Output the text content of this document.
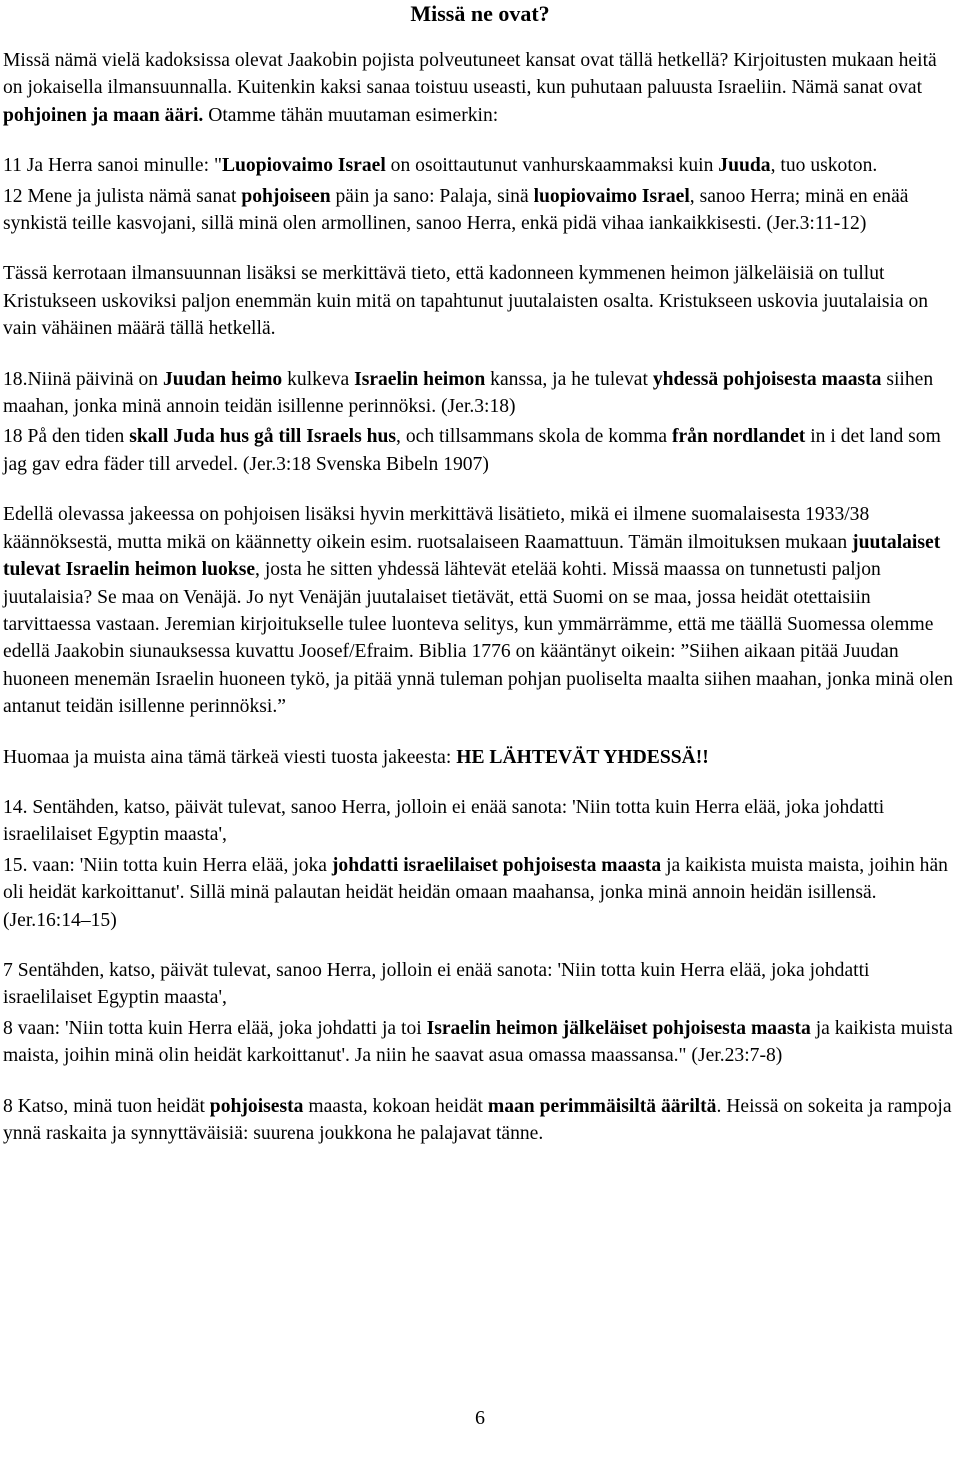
Missä ne ovat?

Missä nämä vielä kadoksissa olevat Jaakobin pojista polveutuneet kansat ovat tällä hetkellä? Kirjoitusten mukaan heitä on jokaisella ilmansuunnalla. Kuitenkin kaksi sanaa toistuu useasti, kun puhutaan paluusta Israeliin. Nämä sanat ovat pohjoinen ja maan ääri. Otamme tähän muutaman esimerkin:

11 Ja Herra sanoi minulle: "Luopiovaimo Israel on osoittautunut vanhurskaammaksi kuin Juuda, tuo uskoton.

12 Mene ja julista nämä sanat pohjoiseen päin ja sano: Palaja, sinä luopiovaimo Israel, sanoo Herra; minä en enää synkistä teille kasvojani, sillä minä olen armollinen, sanoo Herra, enkä pidä vihaa iankaikkisesti. (Jer.3:11-12)

Tässä kerrotaan ilmansuunnan lisäksi se merkittävä tieto, että kadonneen kymmenen heimon jälkeläisiä on tullut Kristukseen uskoviksi paljon enemmän kuin mitä on tapahtunut juutalaisten osalta. Kristukseen uskovia juutalaisia on vain vähäinen määrä tällä hetkellä.

18.Niinä päivinä on Juudan heimo kulkeva Israelin heimon kanssa, ja he tulevat yhdessä pohjoisesta maasta siihen maahan, jonka minä annoin teidän isillenne perinnöksi. (Jer.3:18)

18 På den tiden skall Juda hus gå till Israels hus, och tillsammans skola de komma från nordlandet in i det land som jag gav edra fäder till arvedel. (Jer.3:18 Svenska Bibeln 1907)

Edellä olevassa jakeessa on pohjoisen lisäksi hyvin merkittävä lisätieto, mikä ei ilmene suomalaisesta 1933/38 käännöksestä, mutta mikä on käännetty oikein esim. ruotsalaiseen Raamattuun. Tämän ilmoituksen mukaan juutalaiset tulevat Israelin heimon luokse, josta he sitten yhdessä lähtevät etelää kohti. Missä maassa on tunnetusti paljon juutalaisia? Se maa on Venäjä. Jo nyt Venäjän juutalaiset tietävät, että Suomi on se maa, jossa heidät otettaisiin tarvittaessa vastaan. Jeremian kirjoitukselle tulee luonteva selitys, kun ymmärrämme, että me täällä Suomessa olemme edellä Jaakobin siunauksessa kuvattu Joosef/Efraim. Biblia 1776 on kääntänyt oikein: ”Siihen aikaan pitää Juudan huoneen menemän Israelin huoneen tykö, ja pitää ynnä tuleman pohjan puoliselta maalta siihen maahan, jonka minä olen antanut teidän isillenne perinnöksi.”

Huomaa ja muista aina tämä tärkeä viesti tuosta jakeesta: HE LÄHTEVÄT YHDESSÄ!!

14. Sentähden, katso, päivät tulevat, sanoo Herra, jolloin ei enää sanota: 'Niin totta kuin Herra elää, joka johdatti israelilaiset Egyptin maasta',

15. vaan: 'Niin totta kuin Herra elää, joka johdatti israelilaiset pohjoisesta maasta ja kaikista muista maista, joihin hän oli heidät karkoittanut'. Sillä minä palautan heidät heidän omaan maahansa, jonka minä annoin heidän isillensä. (Jer.16:14–15)

7 Sentähden, katso, päivät tulevat, sanoo Herra, jolloin ei enää sanota: 'Niin totta kuin Herra elää, joka johdatti israelilaiset Egyptin maasta',

8 vaan: 'Niin totta kuin Herra elää, joka johdatti ja toi Israelin heimon jälkeläiset pohjoisesta maasta ja kaikista muista maista, joihin minä olin heidät karkoittanut'. Ja niin he saavat asua omassa maassansa." (Jer.23:7-8)

8 Katso, minä tuon heidät pohjoisesta maasta, kokoan heidät maan perimmäisiltä ääriltä. Heissä on sokeita ja rampoja ynnä raskaita ja synnyttäväisiä: suurena joukkona he palajavat tänne.

6
